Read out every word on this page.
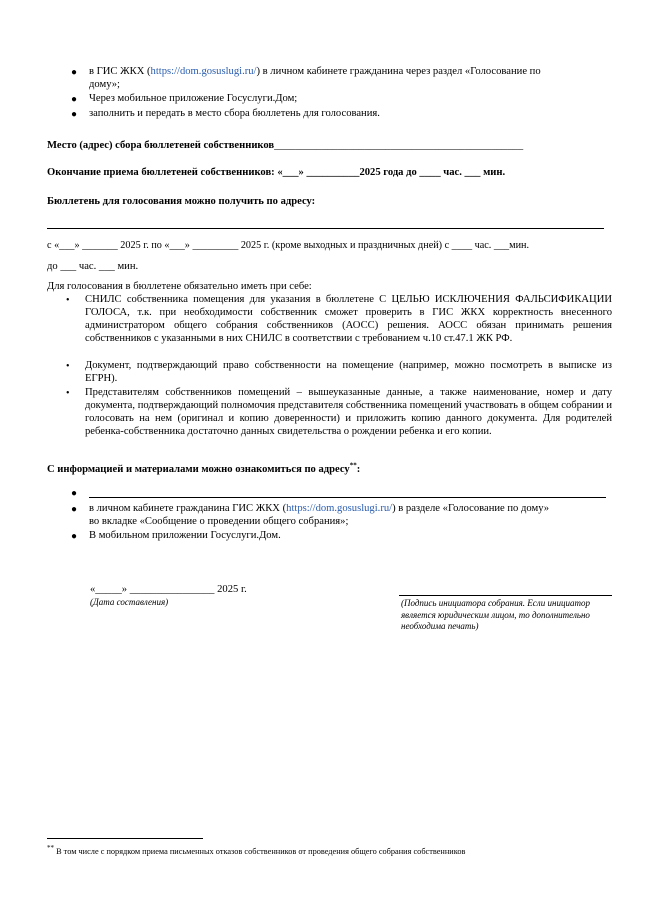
● в ГИС ЖКХ (https://dom.gosuslugi.ru/) в личном кабинете гражданина через раздел «Голосование по
дому»;
● Через мобильное приложение Госуслуги.Дом;
● заполнить и передать в место сбора бюллетень для голосования.
Место (адрес) сбора бюллетеней собственников_______________________________________________
Окончание приема бюллетеней собственников: «___» __________2025 года до ____ час. ___ мин.
Бюллетень для голосования можно получить по адресу:
с «___» _______ 2025 г. по «___» _________ 2025 г. (кроме выходных и праздничных дней) с ____ час. ___мин.
до ___ час. ___ мин.
Для голосования в бюллетене обязательно иметь при себе:
• СНИЛС собственника помещения для указания в бюллетене С ЦЕЛЬЮ ИСКЛЮЧЕНИЯ ФАЛЬСИФИКАЦИИ ГОЛОСА, т.к. при необходимости собственник сможет проверить в ГИС ЖКХ корректность внесенного администратором общего собрания собственников (АОСС) решения. АОСС обязан принимать решения собственников с указанными в них СНИЛС в соответствии с требованием ч.10 ст.47.1 ЖК РФ.
• Документ, подтверждающий право собственности на помещение (например, можно посмотреть в выписке из ЕГРН).
• Представителям собственников помещений – вышеуказанные данные, а также наименование, номер и дату документа, подтверждающий полномочия представителя собственника помещений участвовать в общем собрании и голосовать на нем (оригинал и копию доверенности) и приложить копию данного документа. Для родителей ребенка-собственника достаточно данных свидетельства о рождении ребенка и его копии.
С информацией и материалами можно ознакомиться по адресу**:
●
● в личном кабинете гражданина ГИС ЖКХ (https://dom.gosuslugi.ru/) в разделе «Голосование по дому»
во вкладке «Сообщение о проведении общего собрания»;
● В мобильном приложении Госуслуги.Дом.
«_____» ________________ 2025 г.
(Дата составления)	(Подпись инициатора собрания. Если инициатор является юридическим лицом, то дополнительно необходима печать)
** В том числе с порядком приема письменных отказов собственников от проведения общего собрания собственников
